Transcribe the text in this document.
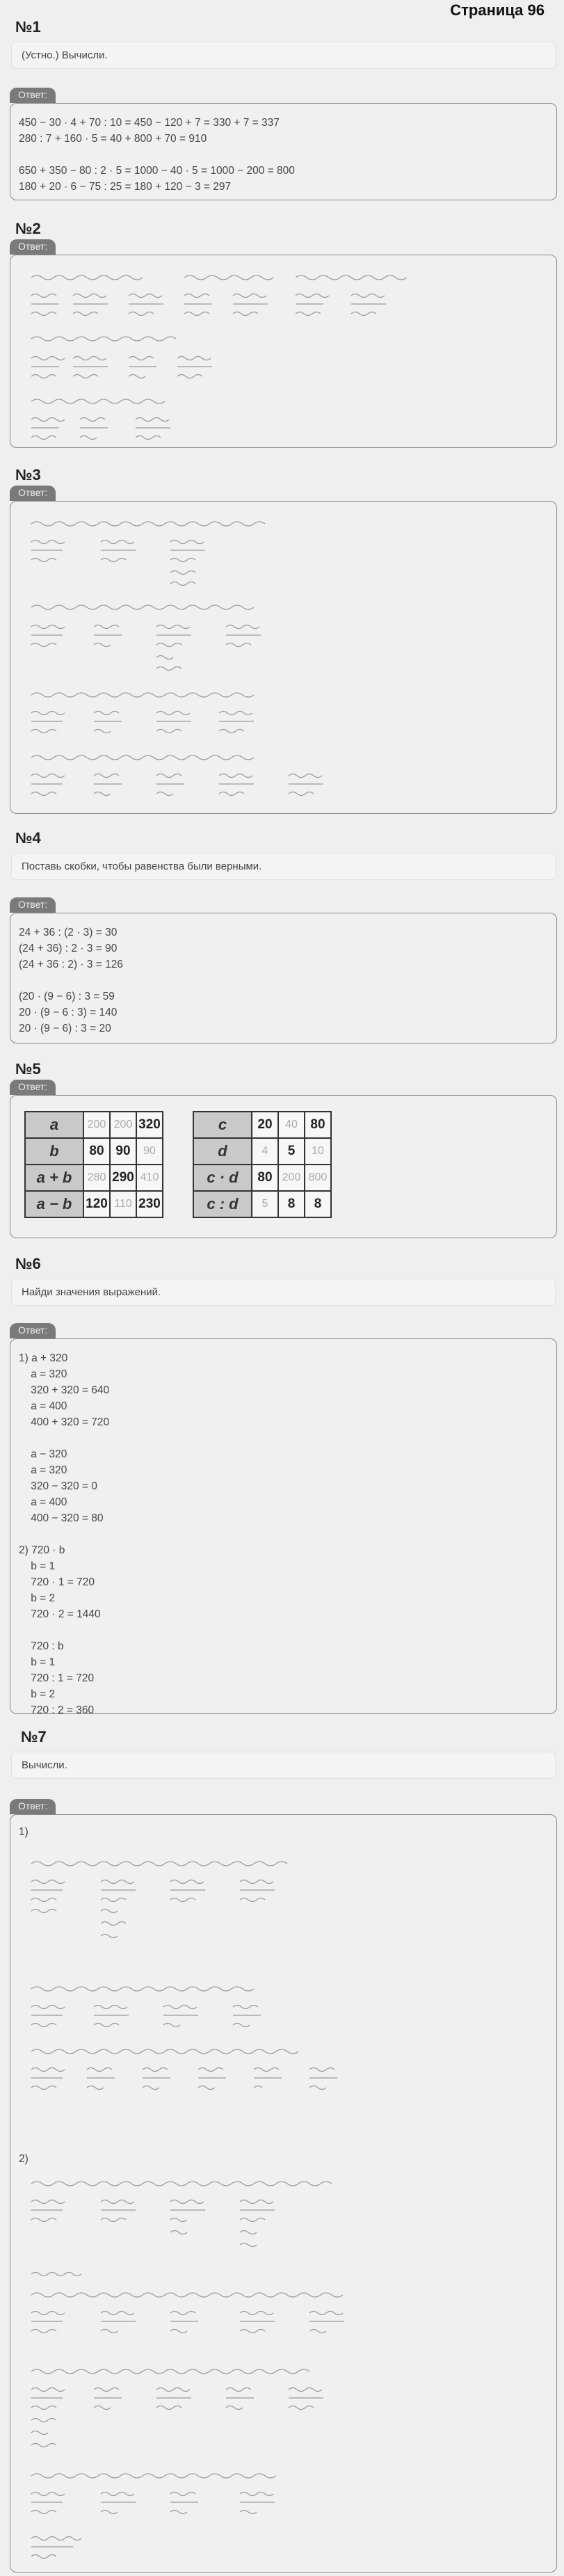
Страница 96
№1
(Устно.) Вычисли.
Ответ:
450 − 30 · 4 + 70 : 10 = 450 − 120 + 7 = 330 + 7 = 337
280 : 7 + 160 · 5 = 40 + 800 + 70 = 910
650 + 350 − 80 : 2 · 5 = 1000 − 40 · 5 = 1000 − 200 = 800
180 + 20 · 6 − 75 : 25 = 180 + 120 − 3 = 297
№2
Ответ:
№3
Ответ:
№4
Поставь скобки, чтобы равенства были верными.
Ответ:
24 + 36 : (2 · 3) = 30
(24 + 36) : 2 · 3 = 90
(24 + 36 : 2) · 3 = 126
(20 · (9 − 6) : 3 = 59
20 · (9 − 6 : 3) = 140
20 · (9 − 6) : 3 = 20
№5
Ответ:
a	200	200	320
b	80	90	90
a + b	280	290	410
a − b	120	110	230
c	20	40	80
d	4	5	10
c · d	80	200	800
c : d	5	8	8
№6
Найди значения выражений.
Ответ:
1) a + 320
a = 320
320 + 320 = 640
a = 400
400 + 320 = 720
a − 320
a = 320
320 − 320 = 0
a = 400
400 − 320 = 80
2) 720 · b
b = 1
720 · 1 = 720
b = 2
720 · 2 = 1440
720 : b
b = 1
720 : 1 = 720
b = 2
720 : 2 = 360
№7
Вычисли.
Ответ:
1)
2)
